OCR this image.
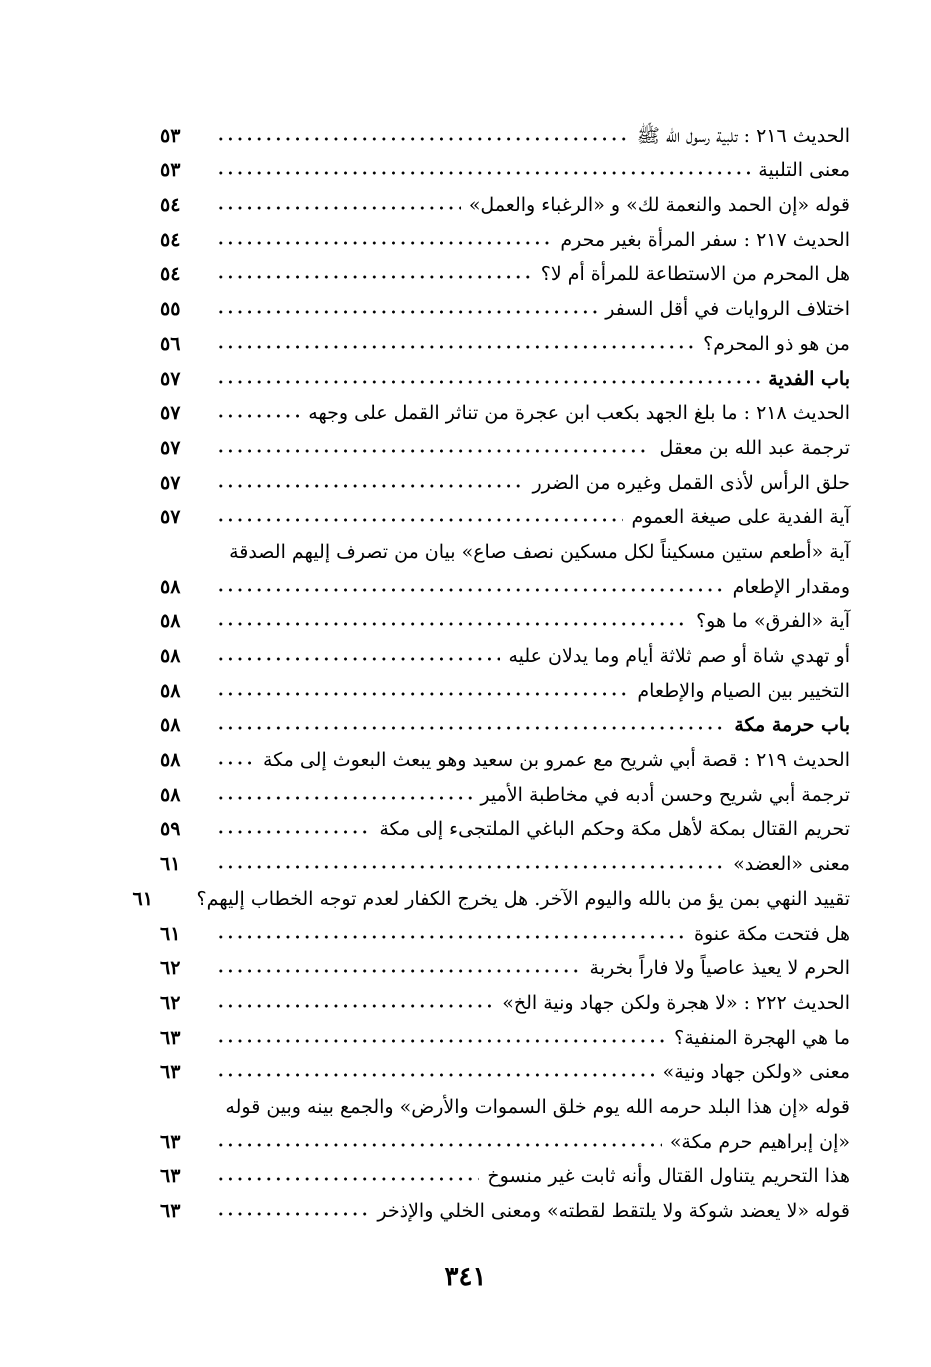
الحديث ٢١٦ : تلبية رسول الله ﷺ
٥٣
معنى التلبية
٥٣
قوله «إن الحمد والنعمة لك» و «الرغباء والعمل»
٥٤
الحديث ٢١٧ : سفر المرأة بغير محرم
٥٤
هل المحرم من الاستطاعة للمرأة أم لا؟
٥٤
اختلاف الروايات في أقل السفر
٥٥
من هو ذو المحرم؟
٥٦
باب الفدية
٥٧
الحديث ٢١٨ : ما بلغ الجهد بكعب ابن عجرة من تناثر القمل على وجهه
٥٧
ترجمة عبد الله بن معقل
٥٧
حلق الرأس لأذى القمل وغيره من الضرر
٥٧
آية الفدية على صيغة العموم
٥٧
آية «أطعم ستين مسكيناً لكل مسكين نصف صاع» بيان من تصرف إليهم الصدقة
ومقدار الإطعام
٥٨
آية «الفرق» ما هو؟
٥٨
أو تهدي شاة أو صم ثلاثة أيام وما يدلان عليه
٥٨
التخيير بين الصيام والإطعام
٥٨
باب حرمة مكة
٥٨
الحديث ٢١٩ : قصة أبي شريح مع عمرو بن سعيد وهو يبعث البعوث إلى مكة
٥٨
ترجمة أبي شريح وحسن أدبه في مخاطبة الأمير
٥٨
تحريم القتال بمكة لأهل مكة وحكم الباغي الملتجىء إلى مكة
٥٩
معنى «العضد»
٦١
تقييد النهي بمن يؤ من بالله واليوم الآخر. هل يخرج الكفار لعدم توجه الخطاب إليهم؟
٦١
هل فتحت مكة عنوة
٦١
الحرم لا يعيذ عاصياً ولا فاراً بخربة
٦٢
الحديث ٢٢٢ : «لا هجرة ولكن جهاد ونية الخ»
٦٢
ما هي الهجرة المنفية؟
٦٣
معنى «ولكن جهاد ونية»
٦٣
قوله «إن هذا البلد حرمه الله يوم خلق السموات والأرض» والجمع بينه وبين قوله
«إن إبراهيم حرم مكة»
٦٣
هذا التحريم يتناول القتال وأنه ثابت غير منسوخ
٦٣
قوله «لا يعضد شوكة ولا يلتقط لقطته» ومعنى الخلي والإذخر
٦٣
٣٤١
